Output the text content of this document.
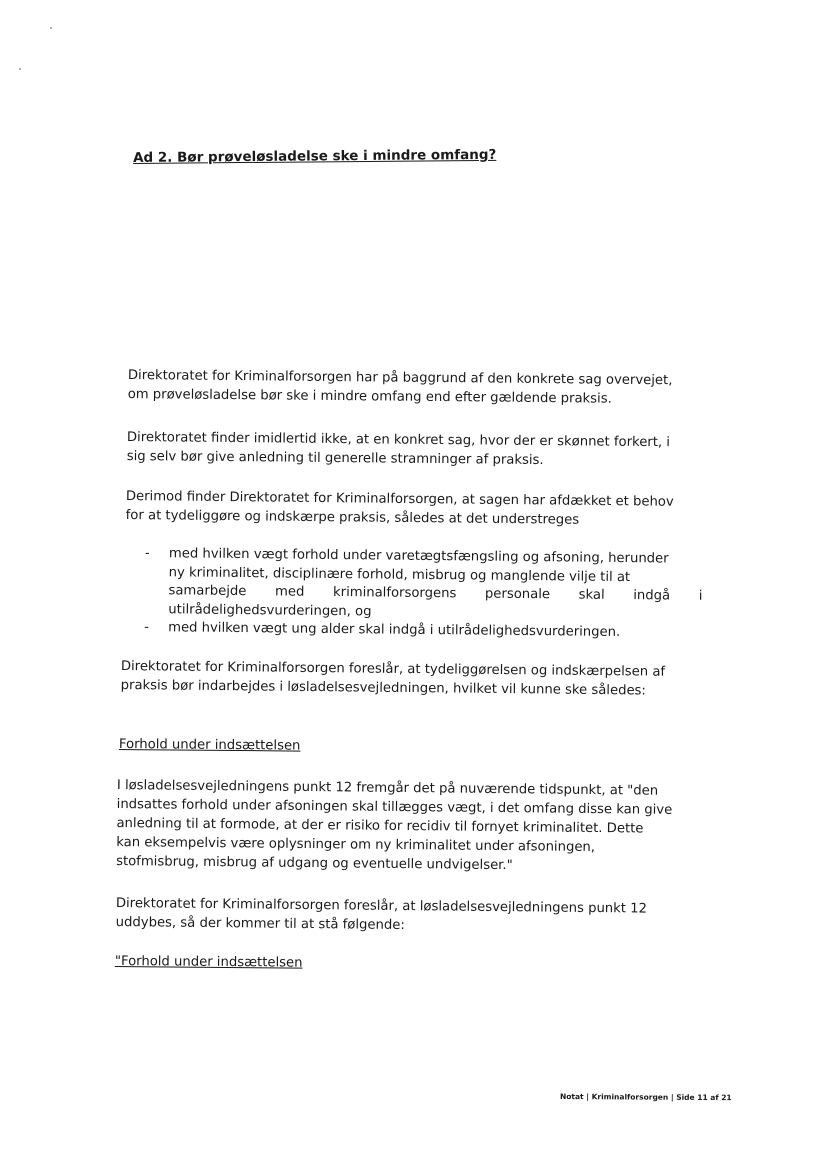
Ad 2. Bør prøveløsladelse ske i mindre omfang?
Direktoratet for Kriminalforsorgen har på baggrund af den konkrete sag overvejet,
om prøveløsladelse bør ske i mindre omfang end efter gældende praksis.
Direktoratet finder imidlertid ikke, at en konkret sag, hvor der er skønnet forkert, i
sig selv bør give anledning til generelle stramninger af praksis.
Derimod finder Direktoratet for Kriminalforsorgen, at sagen har afdækket et behov
for at tydeliggøre og indskærpe praksis, således at det understreges
- med hvilken vægt forhold under varetægtsfængsling og afsoning, herunder
ny kriminalitet, disciplinære forhold, misbrug og manglende vilje til at
samarbejde med kriminalforsorgens personale skal indgå i
utilrådelighedsvurderingen, og
- med hvilken vægt ung alder skal indgå i utilrådelighedsvurderingen.
Direktoratet for Kriminalforsorgen foreslår, at tydeliggørelsen og indskærpelsen af
praksis bør indarbejdes i løsladelsesvejledningen, hvilket vil kunne ske således:
Forhold under indsættelsen
I løsladelsesvejledningens punkt 12 fremgår det på nuværende tidspunkt, at "den
indsattes forhold under afsoningen skal tillægges vægt, i det omfang disse kan give
anledning til at formode, at der er risiko for recidiv til fornyet kriminalitet. Dette
kan eksempelvis være oplysninger om ny kriminalitet under afsoningen,
stofmisbrug, misbrug af udgang og eventuelle undvigelser."
Direktoratet for Kriminalforsorgen foreslår, at løsladelsesvejledningens punkt 12
uddybes, så der kommer til at stå følgende:
"Forhold under indsættelsen
Notat | Kriminalforsorgen | Side 11 af 21
